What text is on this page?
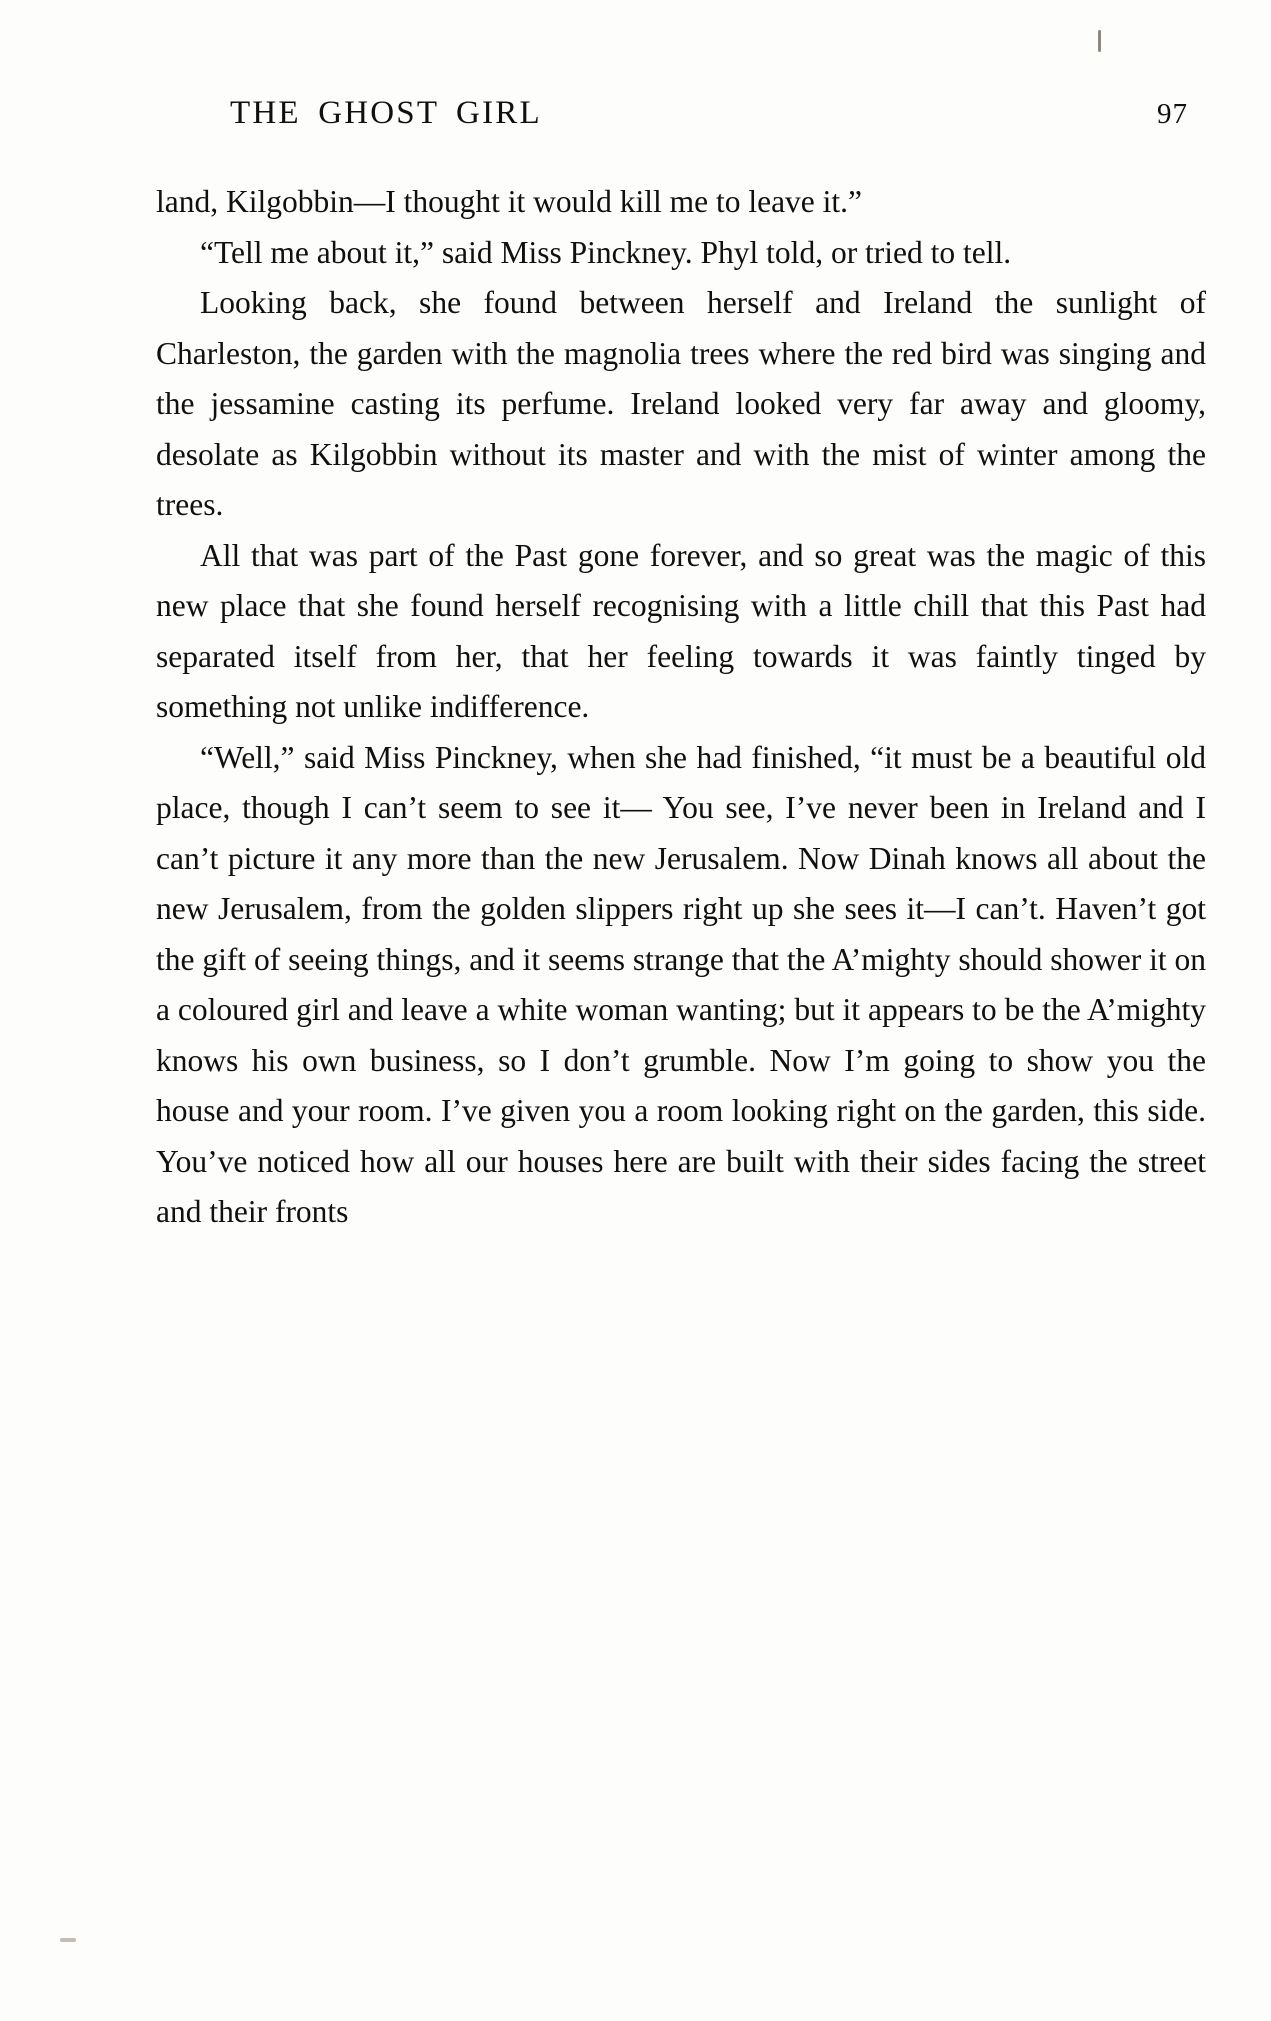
THE GHOST GIRL	97

land, Kilgobbin—I thought it would kill me to leave it.”

“Tell me about it,” said Miss Pinckney. Phyl told, or tried to tell.

Looking back, she found between herself and Ireland the sunlight of Charleston, the garden with the magnolia trees where the red bird was singing and the jessamine casting its perfume. Ireland looked very far away and gloomy, desolate as Kilgobbin without its master and with the mist of winter among the trees.

All that was part of the Past gone forever, and so great was the magic of this new place that she found herself recognising with a little chill that this Past had separated itself from her, that her feeling towards it was faintly tinged by something not unlike indifference.

“Well,” said Miss Pinckney, when she had finished, “it must be a beautiful old place, though I can’t seem to see it— You see, I’ve never been in Ireland and I can’t picture it any more than the new Jerusalem. Now Dinah knows all about the new Jerusalem, from the golden slippers right up she sees it—I can’t. Haven’t got the gift of seeing things, and it seems strange that the A’mighty should shower it on a coloured girl and leave a white woman wanting; but it appears to be the A’mighty knows his own business, so I don’t grumble. Now I’m going to show you the house and your room. I’ve given you a room looking right on the garden, this side. You’ve noticed how all our houses here are built with their sides facing the street and their fronts
